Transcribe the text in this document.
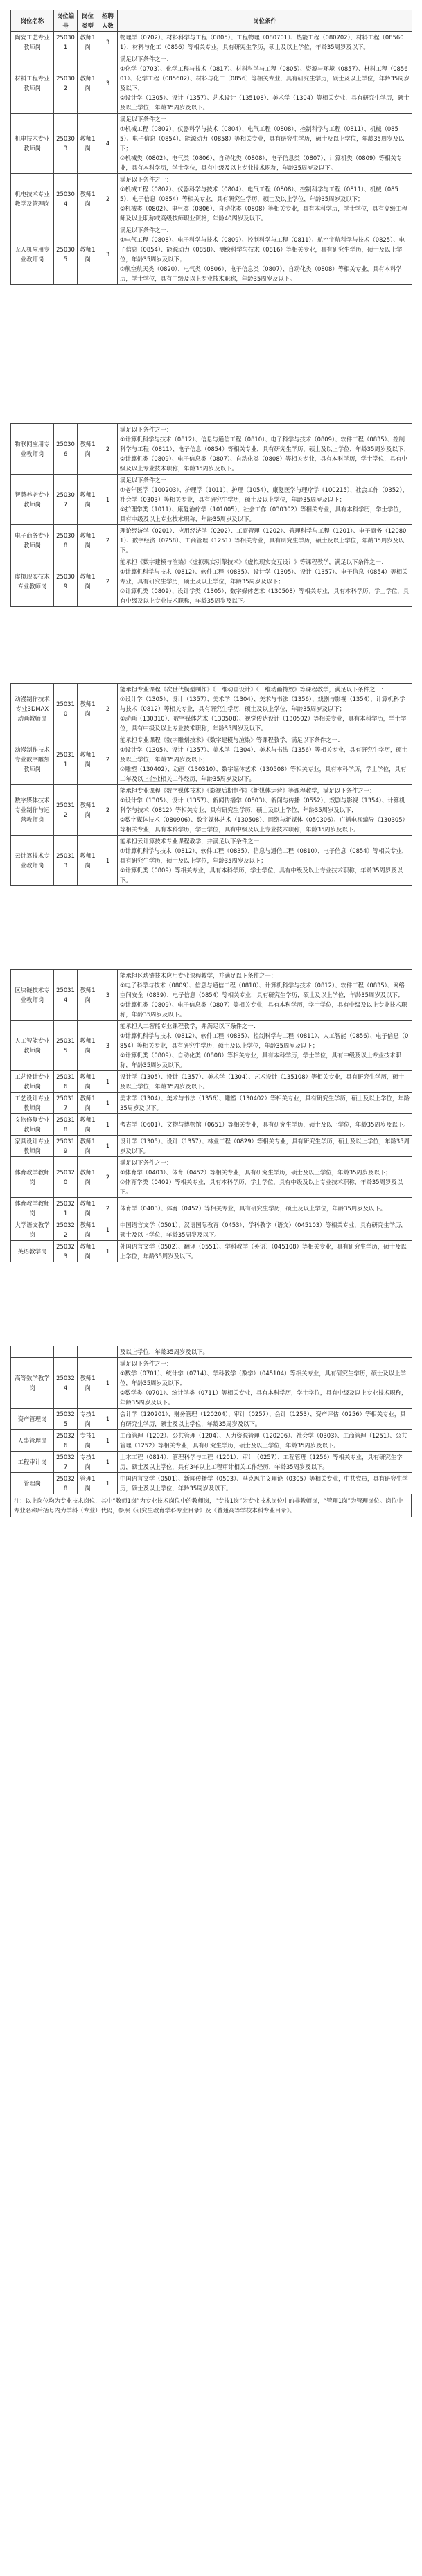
岗位名称	岗位编号	岗位类型	招聘人数	岗位条件
陶瓷工艺专业教师岗	250301	教师1岗	3	物理学（0702）、材料科学与工程（0805）、工程物理（080701）、热能工程（080702）、材料工程（085601）、材料与化工（0856）等相关专业，具有研究生学历，硕士及以上学位，年龄35周岁及以下。

材料工程专业教师岗	250302	教师1岗	3	满足以下条件之一：
①化学（0703）、化学工程与技术（0817）、材料科学与工程（0805）、资源与环境（0857）、材料工程（085601）、化学工程（085602）、材料与化工（0856）等相关专业，具有研究生学历，硕士及以上学位，年龄35周岁及以下；
②设计学（1305）、设计（1357）、艺术设计（135108）、美术学（1304）等相关专业，具有研究生学历，硕士及以上学位，年龄35周岁及以下。

机电技术专业教师岗	250303	教师1岗	4	满足以下条件之一：
①机械工程（0802）、仪器科学与技术（0804）、电气工程（0808）、控制科学与工程（0811）、机械（0855）、电子信息（0854）、能源动力（0858）等相关专业，具有研究生学历，硕士及以上学位，年龄35周岁及以下；
②机械类（0802）、电气类（0806）、自动化类（0808）、电子信息类（0807）、计算机类（0809）等相关专业，具有本科学历，学士学位，具有中级及以上专业技术职称，年龄35周岁及以下。

机电技术专业教学及管理岗	250304	教师1岗	2	满足以下条件之一：
①机械工程（0802）、仪器科学与技术（0804）、电气工程（0808）、控制科学与工程（0811）、机械（0855）、电子信息（0854）等相关专业，具有研究生学历，硕士及以上学位，年龄35周岁及以下；
②机械类（0802）、电气类（0806）、自动化类（0808）等相关专业，具有本科学历，学士学位，具有高级工程师及以上职称或高级技师职业资格，年龄40周岁及以下。

无人机应用专业教师岗	250305	教师1岗	3	满足以下条件之一：
①电气工程（0808）、电子科学与技术（0809）、控制科学与工程（0811）、航空宇航科学与技术（0825）、电子信息（0854）、能源动力（0858）、测绘科学与技术（0816）等相关专业，具有研究生学历，硕士及以上学位，年龄35周岁及以下；
②航空航天类（0820）、电气类（0806）、电子信息类（0807）、自动化类（0808）等相关专业，具有本科学历，学士学位，具有中级及以上专业技术职称，年龄35周岁及以下。
物联网应用专业教师岗	250306	教师1岗	2	满足以下条件之一：
①计算机科学与技术（0812）、信息与通信工程（0810）、电子科学与技术（0809）、软件工程（0835）、控制科学与工程（0811）、电子信息（0854）等相关专业，具有研究生学历，硕士及以上学位，年龄35周岁及以下；
②计算机类（0809）、电子信息类（0807）、自动化类（0808）等相关专业，具有本科学历，学士学位，具有中级及以上专业技术职称，年龄35周岁及以下。

智慧养老专业教师岗	250307	教师1岗	1	满足以下条件之一：
①老年医学（100203）、护理学（1011）、护理（1054）、康复医学与理疗学（100215）、社会工作（0352）、社会学（0303）等相关专业，具有研究生学历，硕士及以上学位，年龄35周岁及以下；
②护理学类（1011）、康复治疗学（101005）、社会工作（030302）等相关专业，具有本科学历，学士学位，具有中级及以上专业技术职称，年龄35周岁及以下。

电子商务专业教师岗	250308	教师1岗	2	理论经济学（0201）、应用经济学（0202）、工商管理（1202）、管理科学与工程（1201）、电子商务（120801）、数字经济（0258）、工商管理（1251）等相关专业，具有研究生学历，硕士及以上学位，年龄35周岁及以下。

虚拟现实技术专业教师岗	250309	教师1岗	2	能承担《数字建模与渲染》《虚拟现实引擎技术》《虚拟现实交互设计》等课程教学，满足以下条件之一：
①计算机科学与技术（0812）、软件工程（0835）、设计学（1305）、设计（1357）、电子信息（0854）等相关专业，具有研究生学历，硕士及以上学位，年龄35周岁及以下；
②计算机类（0809）、设计学类（1305）、数字媒体艺术（130508）等相关专业，具有本科学历，学士学位，具有中级及以上专业技术职称，年龄35周岁及以下。
动漫制作技术专业3DMAX动画教师岗	250310	教师1岗	2	能承担专业课程《次世代模型制作》《三维动画设计》《三维动画特效》等课程教学，满足以下条件之一：
①设计学（1305）、设计（1357）、美术学（1304）、美术与书法（1356）、戏剧与影视（1354）、计算机科学与技术（0812）等相关专业，具有研究生学历，硕士及以上学位，年龄35周岁及以下；
②动画（130310）、数字媒体艺术（130508）、视觉传达设计（130502）等相关专业，具有本科学历，学士学位，具有中级及以上专业技术职称，年龄35周岁及以下。

动漫制作技术专业数字雕刻教师岗	250311	教师1岗	2	能承担专业课程《数字雕刻技术》《数字建模与渲染》等课程教学，满足以下条件之一：
①设计学（1305）、设计（1357）、美术学（1304）、美术与书法（1356）等相关专业，具有研究生学历，硕士及以上学位，年龄35周岁及以下；
②雕塑（130402）、动画（130310）、数字媒体艺术（130508）等相关专业，具有本科学历，学士学位，具有二年及以上企业相关工作经历，年龄35周岁及以下。

数字媒体技术专业制作与运营教师岗	250312	教师1岗	2	能承担专业课程《数字媒体技术》《影视后期制作》《新媒体运营》等课程教学，满足以下条件之一：
①设计学（1305）、设计（1357）、新闻传播学（0503）、新闻与传播（0552）、戏剧与影视（1354）、计算机科学与技术（0812）等相关专业，具有研究生学历，硕士及以上学位，年龄35周岁及以下；
②数字媒体技术（080906）、数字媒体艺术（130508）、网络与新媒体（050306）、广播电视编导（130305）等相关专业，具有本科学历，学士学位，具有中级及以上专业技术职称，年龄35周岁及以下。

云计算技术专业教师岗	250313	教师1岗	1	能承担云计算技术专业课程教学，并满足以下条件之一：
①计算机科学与技术（0812）、软件工程（0835）、信息与通信工程（0810）、电子信息（0854）等相关专业，具有研究生学历，硕士及以上学位，年龄35周岁及以下；
②计算机类（0809）等相关专业，具有本科学历，学士学位，具有中级及以上专业技术职称，年龄35周岁及以下。
区块链技术专业教师岗	250314	教师1岗	3	能承担区块链技术应用专业课程教学，并满足以下条件之一：
①电子科学与技术（0809）、信息与通信工程（0810）、计算机科学与技术（0812）、软件工程（0835）、网络空间安全（0839）、电子信息（0854）等相关专业，具有研究生学历，硕士及以上学位，年龄35周岁及以下；
②计算机类（0809）、电子信息类（0807）等相关专业，具有本科学历，学士学位，具有中级及以上专业技术职称，年龄35周岁及以下。

人工智能专业教师岗	250315	教师1岗	3	能承担人工智能专业课程教学，并满足以下条件之一：
①计算机科学与技术（0812）、软件工程（0835）、控制科学与工程（0811）、人工智能（0856）、电子信息（0854）等相关专业，具有研究生学历，硕士及以上学位，年龄35周岁及以下；
②计算机类（0809）、自动化类（0808）等相关专业，具有本科学历，学士学位，具有中级及以上专业技术职称，年龄35周岁及以下。

工艺设计专业教师岗	250316	教师1岗	1	设计学（1305）、设计（1357）、美术学（1304）、艺术设计（135108）等相关专业，具有研究生学历，硕士及以上学位，年龄35周岁及以下。

工艺设计专业教师岗	250317	教师1岗	1	美术学（1304）、美术与书法（1356）、雕塑（130402）等相关专业，具有研究生学历，硕士及以上学位，年龄35周岁及以下。

文物修复专业教师岗	250318	教师1岗	1	考古学（0601）、文物与博物馆（0651）等相关专业，具有研究生学历，硕士及以上学位，年龄35周岁及以下。

家具设计专业教师岗	250319	教师1岗	1	设计学（1305）、设计（1357）、林业工程（0829）等相关专业，具有研究生学历，硕士及以上学位，年龄35周岁及以下。

体育教学教师岗	250320	教师1岗	2	满足以下条件之一：
①体育学（0403）、体育（0452）等相关专业，具有研究生学历，硕士及以上学位，年龄35周岁及以下；
②体育学类（0402）等相关专业，具有本科学历，学士学位，具有中级及以上专业技术职称，年龄35周岁及以下。

体育教学教师岗	250321	教师1岗	2	体育学（0403）、体育（0452）等相关专业，具有研究生学历，硕士及以上学位，年龄35周岁及以下。

大学语文教学岗	250322	教师1岗	1	中国语言文学（0501）、汉语国际教育（0453）、学科教学（语文）（045103）等相关专业，具有研究生学历，硕士及以上学位，年龄35周岁及以下。

英语教学岗	250323	教师1岗	1	外国语言文学（0502）、翻译（0551）、学科教学（英语）（045108）等相关专业，具有研究生学历，硕士及以上学位，年龄35周岁及以下。

				及以上学位，年龄35周岁及以下。

高等数学教学岗	250324	教师1岗	1	满足以下条件之一：
①数学（0701）、统计学（0714）、学科教学（数学）（045104）等相关专业，具有研究生学历，硕士及以上学位，年龄35周岁及以下；
②数学类（0701）、统计学类（0711）等相关专业，具有本科学历，学士学位，具有中级及以上专业技术职称，年龄35周岁及以下。

资产管理岗	250325	专技1岗	1	会计学（120201）、财务管理（120204）、审计（0257）、会计（1253）、资产评估（0256）等相关专业，具有研究生学历，硕士及以上学位，年龄35周岁及以下。

人事管理岗	250326	专技1岗	1	工商管理（1202）、公共管理（1204）、人力资源管理（120206）、社会学（0303）、工商管理（1251）、公共管理（1252）等相关专业，具有研究生学历，硕士及以上学位，年龄35周岁及以下。

工程审计岗	250327	专技1岗	1	土木工程（0814）、管理科学与工程（1201）、审计（0257）、工程管理（1256）等相关专业，具有研究生学历，硕士及以上学位，具有3年以上工程审计相关工作经历，年龄35周岁及以下。

管理岗	250328	管理1岗	1	中国语言文学（0501）、新闻传播学（0503）、马克思主义理论（0305）等相关专业，中共党员，具有研究生学历，硕士及以上学位，年龄35周岁及以下。
注：以上岗位均为专业技术岗位，其中“教师1岗”为专业技术岗位中的教师岗，“专技1岗”为专业技术岗位中的非教师岗，“管理1岗”为管理岗位。岗位中专业名称后括号内为学科（专业）代码，参照《研究生教育学科专业目录》及《普通高等学校本科专业目录》。
